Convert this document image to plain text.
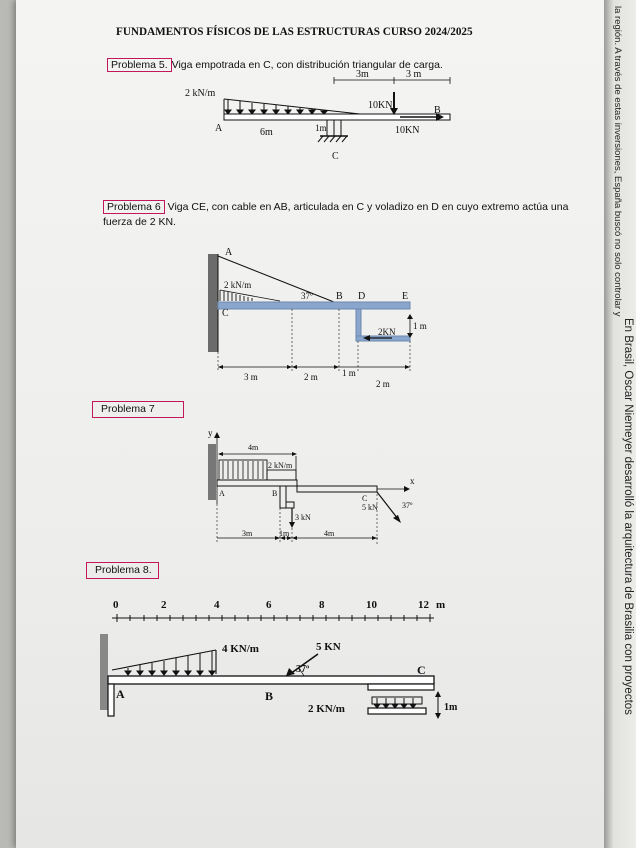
la región. A través de estas inversiones, España buscó no solo controlar y
En Brasil, Oscar Niemeyer desarrolló la arquitectura de Brasilia con proyectos
FUNDAMENTOS FÍSICOS DE LAS ESTRUCTURAS CURSO 2024/2025
Problema 5. Viga empotrada en C, con distribución triangular de carga.
2 kN/m
3m	3 m
10KN	B
A	6m	1m	10KN
C
Problema 6 Viga CE, con cable en AB, articulada en C y voladizo en D en cuyo extremo actúa una fuerza de 2 KN.
A
2 kN/m
37º B D	E
C
2KN
1 m
3 m	2 m	1 m
2 m
Problema 7
y
x
4m
2 kN/m
A	B
C
5 kN	37º
3 kN
3m	1m	4m
Problema 8.
0	2	4	6	8	10	12 m
4 KN/m	5 KN
37º	C
A	B
2 KN/m	1m
